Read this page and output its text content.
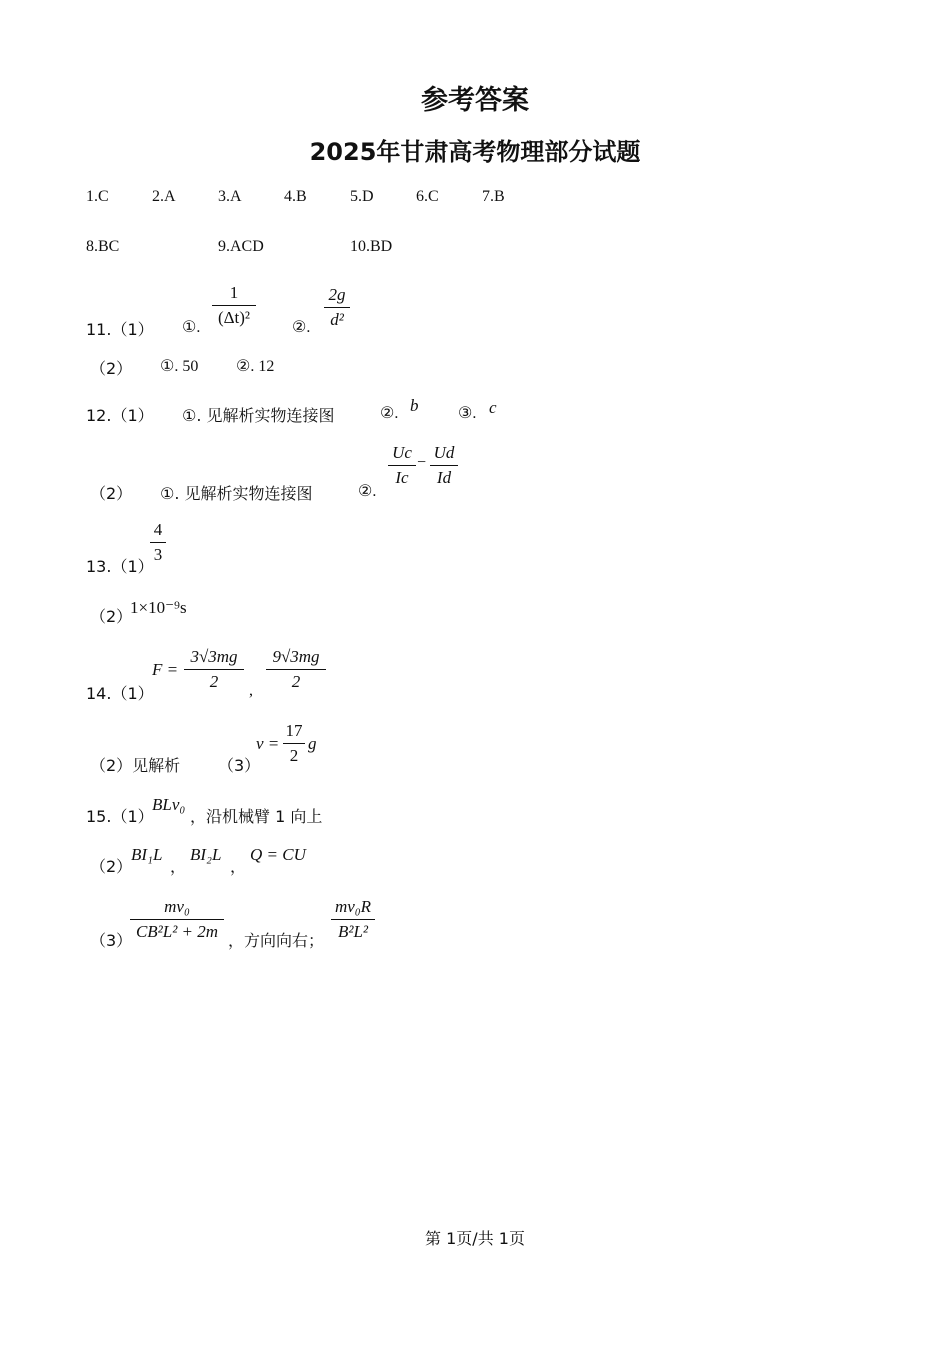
参考答案
2025年甘肃高考物理部分试题
1.C	2.A	3.A	4.B	5.D	6.C	7.B
8.BC	9.ACD	10.BD
11.（1） ①.
1
(Δt)²
②.
2g
d²
（2） ①. 50 ②. 12
12.（1） ①. 见解析实物连接图	②. b ③. c
（2） ①. 见解析实物连接图	②.
Uc
Ic
−
Ud
Id
13.（1）
4
3
（2）
1×10⁻⁹s
14.（1）
F =
3√3mg
2	,
9√3mg
2
（2）见解析 （3）
v =
17
2
g
15.（1）
BLv₀
，沿机械臂 1 向上
（2）
BI₁L
，
BI₂L
，
Q = CU
（3）
mv₀
CB²L² + 2m ，方向向右；
mv₀R
B²L²
第 1页/共 1页
